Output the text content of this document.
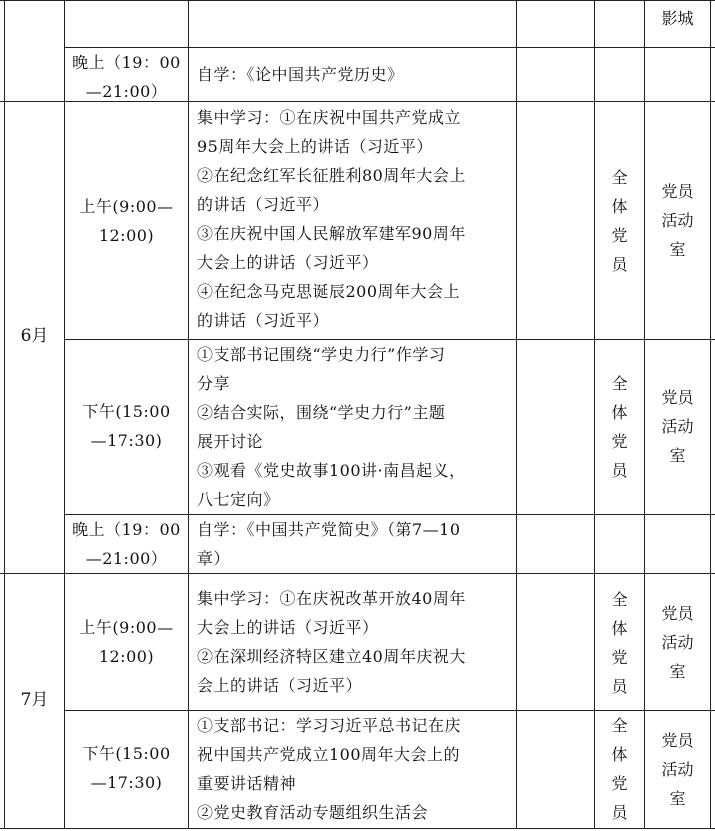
影城
晚上（19：00
—21:00）
自学：《论中国共产党历史》
6月
上午(9:00—
12:00)
集中学习：①在庆祝中国共产党成立
95周年大会上的讲话（习近平）
②在纪念红军长征胜利80周年大会上
的讲话（习近平）
③在庆祝中国人民解放军建军90周年
大会上的讲话（习近平）
④在纪念马克思诞辰200周年大会上
的讲话（习近平）
全
体
党
员
党员
活动
室
下午(15:00
—17:30)
①支部书记围绕“学史力行”作学习
分享
②结合实际，围绕“学史力行”主题
展开讨论
③观看《党史故事100讲·南昌起义，
八七定向》
全
体
党
员
党员
活动
室
晚上（19：00
—21:00）
自学：《中国共产党简史》（第7—10
章）
7月
上午(9:00—
12:00)
集中学习：①在庆祝改革开放40周年
大会上的讲话（习近平）
②在深圳经济特区建立40周年庆祝大
会上的讲话（习近平）
全
体
党
员
党员
活动
室
下午(15:00
—17:30)
①支部书记：学习习近平总书记在庆
祝中国共产党成立100周年大会上的
重要讲话精神
②党史教育活动专题组织生活会
全
体
党
员
党员
活动
室
